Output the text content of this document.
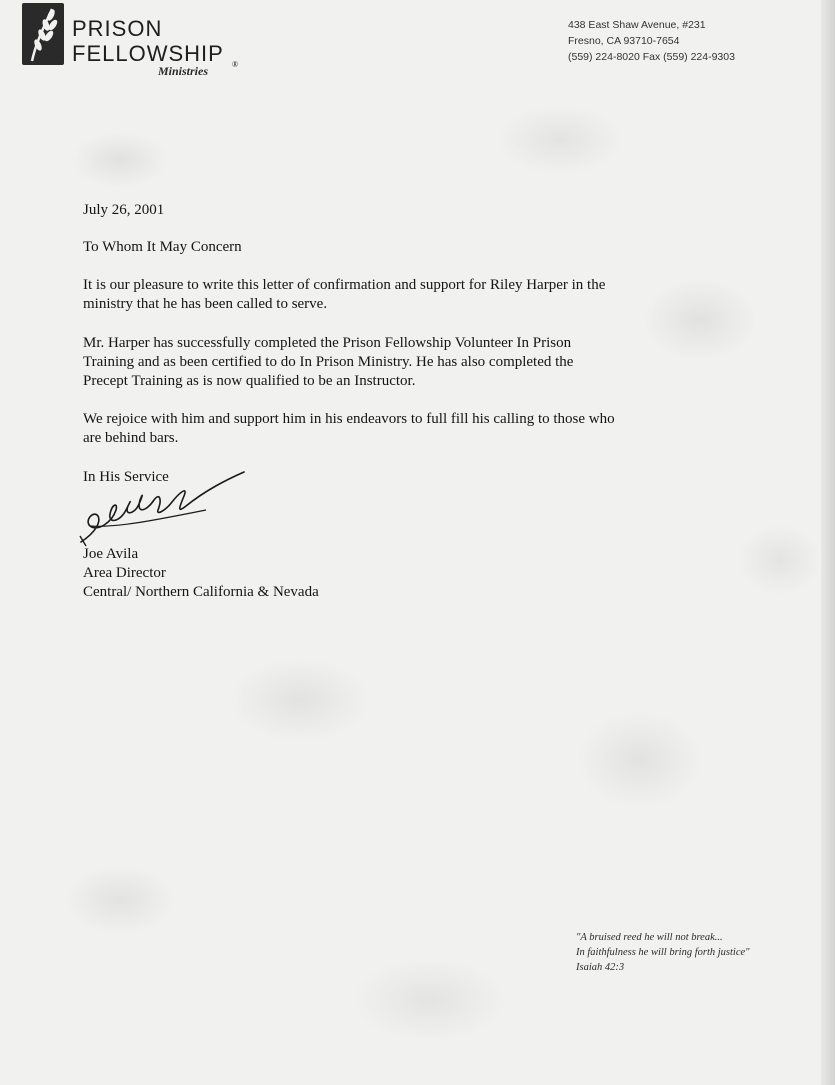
PRISON
FELLOWSHIP
Ministries	®
438 East Shaw Avenue, #231
Fresno, CA 93710-7654
(559) 224-8020 Fax (559) 224-9303

July 26, 2001

To Whom It May Concern

It is our pleasure to write this letter of confirmation and support for Riley Harper in the

ministry that he has been called to serve.

Mr. Harper has successfully completed the Prison Fellowship Volunteer In Prison

Training and as been certified to do In Prison Ministry. He has also completed the

Precept Training as is now qualified to be an Instructor.

We rejoice with him and support him in his endeavors to full fill his calling to those who

are behind bars.

In His Service

Joe Avila

Area Director

Central/ Northern California & Nevada

"A bruised reed he will not break...
In faithfulness he will bring forth justice"
Isaiah 42:3
